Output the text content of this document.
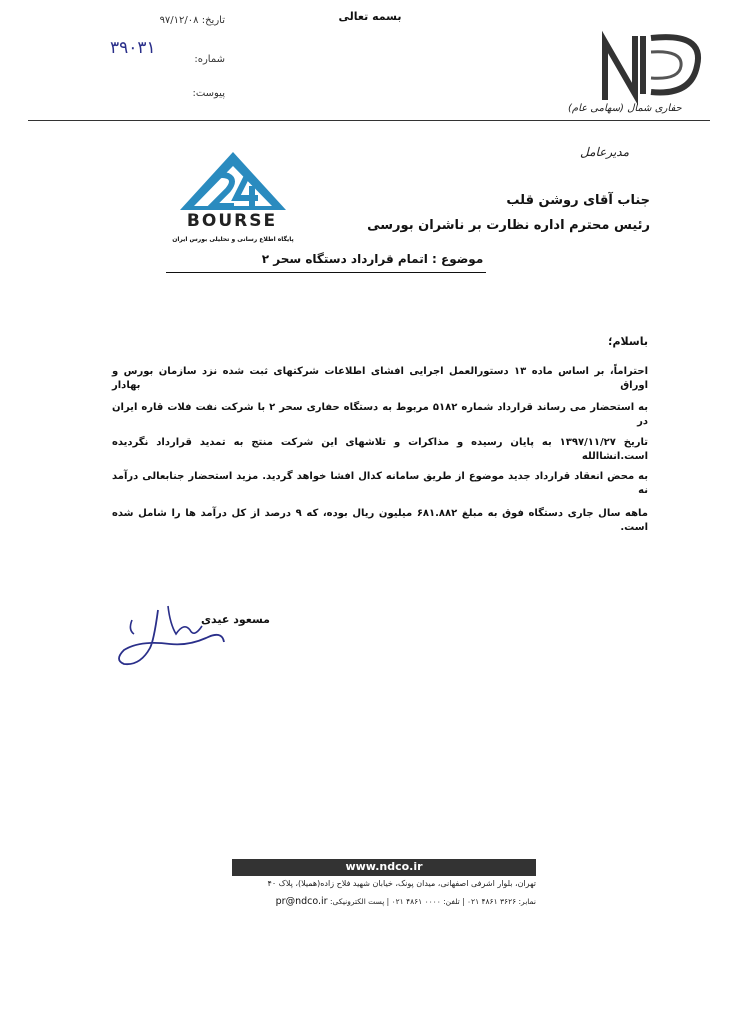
بسمه تعالی
تاریخ: ۹۷/۱۲/۰۸
شماره:
۳۹۰۳۱
پیوست:
حفاری شمال (سهامی عام)
مدیرعامل
BOURSE
پایگاه اطلاع رسانی و تحلیلی بورس ایران
جناب آقای روشن قلب
رئیس محترم اداره نظارت بر ناشران بورسی
موضوع : اتمام قرارداد دستگاه سحر ۲
باسلام؛
احتراماً، بر اساس ماده ۱۳ دستورالعمل اجرایی افشای اطلاعات شرکتهای ثبت شده نزد سازمان بورس و اوراق بهادار
به استحضار می رساند قرارداد شماره ۵۱۸۲ مربوط به دستگاه حفاری سحر ۲ با شرکت نفت فلات قاره ایران در
تاریخ ۱۳۹۷/۱۱/۲۷ به پایان رسیده و مذاکرات و تلاشهای این شرکت منتج به تمدید قرارداد نگردیده است.انشاالله
به محض انعقاد قرارداد جدید موضوع از طریق سامانه کدال افشا خواهد گردید. مزید استحضار جنابعالی درآمد نه
ماهه سال جاری دستگاه فوق به مبلغ ۶۸۱.۸۸۲ میلیون ریال بوده، که ۹ درصد از کل درآمد ها را شامل شده است.
مسعود عیدی
www.ndco.ir
تهران، بلوار اشرفی اصفهانی، میدان پونک، خیابان شهید فلاح زاده(همیلا)، پلاک ۴۰
نمابر: ۳۶۲۶ ۴۸۶۱ ۰۲۱ | تلفن: ۰۰۰۰ ۴۸۶۱ ۰۲۱ | پست الکترونیکی: pr@ndco.ir
